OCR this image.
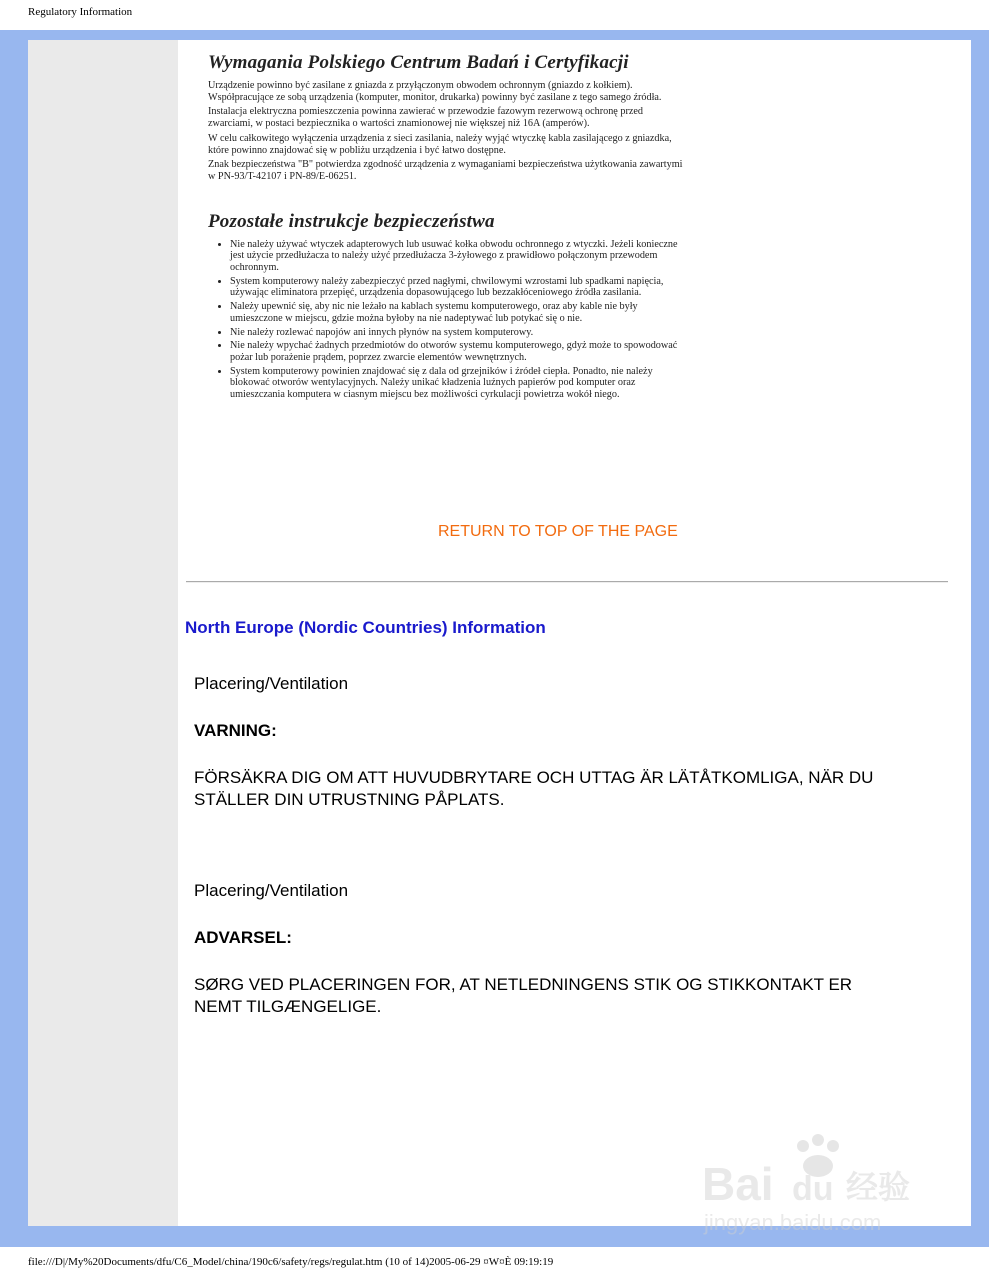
Regulatory Information
Wymagania Polskiego Centrum Badań i Certyfikacji

Urządzenie powinno być zasilane z gniazda z przyłączonym obwodem ochronnym (gniazdo z kołkiem). Współpracujące ze sobą urządzenia (komputer, monitor, drukarka) powinny być zasilane z tego samego źródła.

Instalacja elektryczna pomieszczenia powinna zawierać w przewodzie fazowym rezerwową ochronę przed zwarciami, w postaci bezpiecznika o wartości znamionowej nie większej niż 16A (amperów).

W celu całkowitego wyłączenia urządzenia z sieci zasilania, należy wyjąć wtyczkę kabla zasilającego z gniazdka, które powinno znajdować się w pobliżu urządzenia i być łatwo dostępne.

Znak bezpieczeństwa "B" potwierdza zgodność urządzenia z wymaganiami bezpieczeństwa użytkowania zawartymi w PN-93/T-42107 i PN-89/E-06251.

Pozostałe instrukcje bezpieczeństwa
• Nie należy używać wtyczek adapterowych lub usuwać kołka obwodu ochronnego z wtyczki. Jeżeli konieczne jest użycie przedłużacza to należy użyć przedłużacza 3-żyłowego z prawidłowo połączonym przewodem ochronnym.
• System komputerowy należy zabezpieczyć przed nagłymi, chwilowymi wzrostami lub spadkami napięcia, używając eliminatora przepięć, urządzenia dopasowującego lub bezzakłóceniowego źródła zasilania.
• Należy upewnić się, aby nic nie leżało na kablach systemu komputerowego, oraz aby kable nie były umieszczone w miejscu, gdzie można byłoby na nie nadeptywać lub potykać się o nie.
• Nie należy rozlewać napojów ani innych płynów na system komputerowy.
• Nie należy wpychać żadnych przedmiotów do otworów systemu komputerowego, gdyż może to spowodować pożar lub porażenie prądem, poprzez zwarcie elementów wewnętrznych.
• System komputerowy powinien znajdować się z dala od grzejników i źródeł ciepła. Ponadto, nie należy blokować otworów wentylacyjnych. Należy unikać kładzenia luźnych papierów pod komputer oraz umieszczania komputera w ciasnym miejscu bez możliwości cyrkulacji powietrza wokół niego.
RETURN TO TOP OF THE PAGE
North Europe (Nordic Countries) Information
Placering/Ventilation
VARNING:
FÖRSÄKRA DIG OM ATT HUVUDBRYTARE OCH UTTAG ÄR LÄTÅTKOMLIGA, NÄR DU STÄLLER DIN UTRUSTNING PÅPLATS.
Placering/Ventilation
ADVARSEL:
SØRG VED PLACERINGEN FOR, AT NETLEDNINGENS STIK OG STIKKONTAKT ER NEMT TILGÆNGELIGE.
file:///D|/My%20Documents/dfu/C6_Model/china/190c6/safety/regs/regulat.htm (10 of 14)2005-06-29 ¤W¤È 09:19:19
Bai du 经验
jingyan.baidu.com
